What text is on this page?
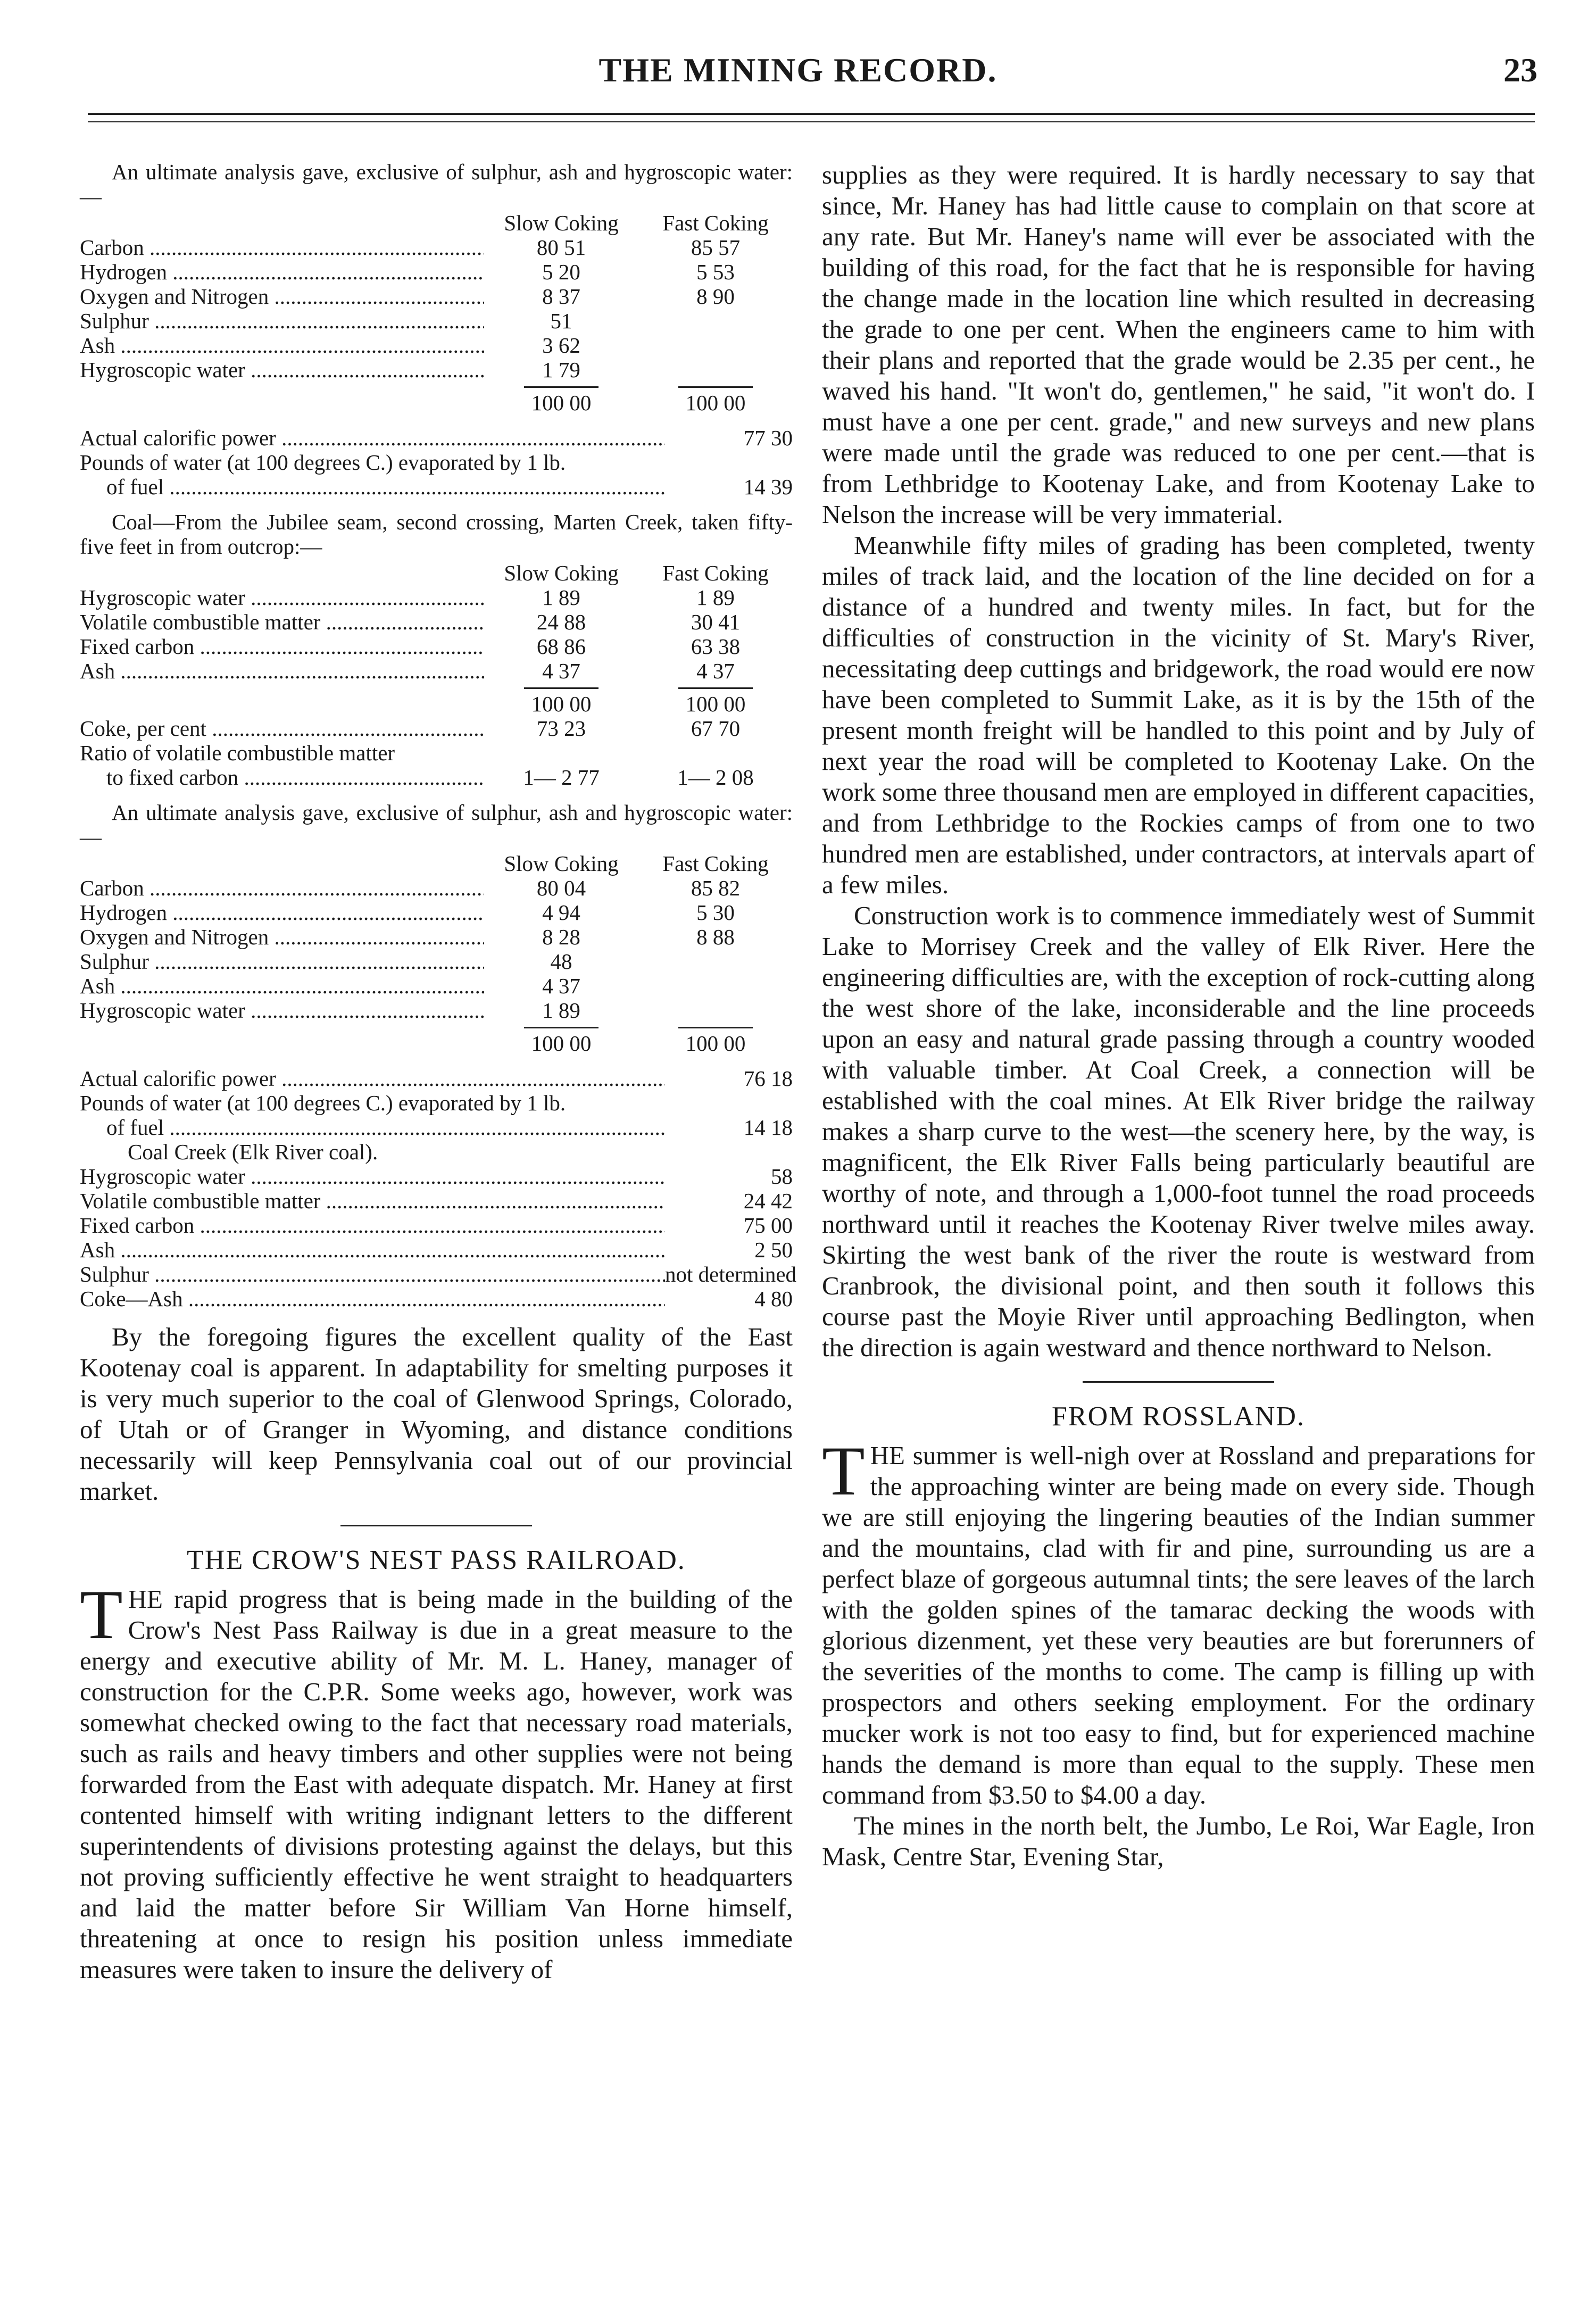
THE MINING RECORD.	23

An ultimate analysis gave, exclusive of sulphur, ash and hygroscopic water:—

Slow Coking	Fast Coking
Carbon .....	80 51	85 57
Hydrogen .....	5 20	5 53
Oxygen and Nitrogen .....	8 37	8 90
Sulphur .....	51
Ash .....	3 62
Hygroscopic water .....	1 79
100 00	100 00
Actual calorific power .....	77 30
Pounds of water (at 100 degrees C.) evaporated by 1 lb.
of fuel .....	14 39

Coal—From the Jubilee seam, second crossing, Marten Creek, taken fifty-five feet in from outcrop:—

Slow Coking	Fast Coking
Hygroscopic water .....	1 89	1 89
Volatile combustible matter .....	24 88	30 41
Fixed carbon .....	68 86	63 38
Ash .....	4 37	4 37
100 00	100 00
Coke, per cent .....	73 23	67 70
Ratio of volatile combustible matter
to fixed carbon .....	1— 2 77	1— 2 08

An ultimate analysis gave, exclusive of sulphur, ash and hygroscopic water:—

Slow Coking	Fast Coking
Carbon .....	80 04	85 82
Hydrogen .....	4 94	5 30
Oxygen and Nitrogen .....	8 28	8 88
Sulphur .....	48
Ash .....	4 37
Hygroscopic water .....	1 89
100 00	100 00
Actual calorific power .....	76 18
Pounds of water (at 100 degrees C.) evaporated by 1 lb.
of fuel .....	14 18
Coal Creek (Elk River coal).
Hygroscopic water .....	58
Volatile combustible matter .....	24 42
Fixed carbon .....	75 00
Ash .....	2 50
Sulphur .....	not determined
Coke—Ash .....	4 80

By the foregoing figures the excellent quality of the East Kootenay coal is apparent. In adaptability for smelting purposes it is very much superior to the coal of Glenwood Springs, Colorado, of Utah or of Granger in Wyoming, and distance conditions necessarily will keep Pennsylvania coal out of our provincial market.

THE CROW'S NEST PASS RAILROAD.

THE rapid progress that is being made in the building of the Crow's Nest Pass Railway is due in a great measure to the energy and executive ability of Mr. M. L. Haney, manager of construction for the C.P.R. Some weeks ago, however, work was somewhat checked owing to the fact that necessary road materials, such as rails and heavy timbers and other supplies were not being forwarded from the East with adequate dispatch. Mr. Haney at first contented himself with writing indignant letters to the different superintendents of divisions protesting against the delays, but this not proving sufficiently effective he went straight to headquarters and laid the matter before Sir William Van Horne himself, threatening at once to resign his position unless immediate measures were taken to insure the delivery of

supplies as they were required. It is hardly necessary to say that since, Mr. Haney has had little cause to complain on that score at any rate. But Mr. Haney's name will ever be associated with the building of this road, for the fact that he is responsible for having the change made in the location line which resulted in decreasing the grade to one per cent. When the engineers came to him with their plans and reported that the grade would be 2.35 per cent., he waved his hand. "It won't do, gentlemen," he said, "it won't do. I must have a one per cent. grade," and new surveys and new plans were made until the grade was reduced to one per cent.—that is from Lethbridge to Kootenay Lake, and from Kootenay Lake to Nelson the increase will be very immaterial.

Meanwhile fifty miles of grading has been completed, twenty miles of track laid, and the location of the line decided on for a distance of a hundred and twenty miles. In fact, but for the difficulties of construction in the vicinity of St. Mary's River, necessitating deep cuttings and bridgework, the road would ere now have been completed to Summit Lake, as it is by the 15th of the present month freight will be handled to this point and by July of next year the road will be completed to Kootenay Lake. On the work some three thousand men are employed in different capacities, and from Lethbridge to the Rockies camps of from one to two hundred men are established, under contractors, at intervals apart of a few miles.

Construction work is to commence immediately west of Summit Lake to Morrisey Creek and the valley of Elk River. Here the engineering difficulties are, with the exception of rock-cutting along the west shore of the lake, inconsiderable and the line proceeds upon an easy and natural grade passing through a country wooded with valuable timber. At Coal Creek, a connection will be established with the coal mines. At Elk River bridge the railway makes a sharp curve to the west—the scenery here, by the way, is magnificent, the Elk River Falls being particularly beautiful are worthy of note, and through a 1,000-foot tunnel the road proceeds northward until it reaches the Kootenay River twelve miles away. Skirting the west bank of the river the route is westward from Cranbrook, the divisional point, and then south it follows this course past the Moyie River until approaching Bedlington, when the direction is again westward and thence northward to Nelson.

FROM ROSSLAND.

THE summer is well-nigh over at Rossland and preparations for the approaching winter are being made on every side. Though we are still enjoying the lingering beauties of the Indian summer and the mountains, clad with fir and pine, surrounding us are a perfect blaze of gorgeous autumnal tints; the sere leaves of the larch with the golden spines of the tamarac decking the woods with glorious dizenment, yet these very beauties are but forerunners of the severities of the months to come. The camp is filling up with prospectors and others seeking employment. For the ordinary mucker work is not too easy to find, but for experienced machine hands the demand is more than equal to the supply. These men command from $3.50 to $4.00 a day.

The mines in the north belt, the Jumbo, Le Roi, War Eagle, Iron Mask, Centre Star, Evening Star,
